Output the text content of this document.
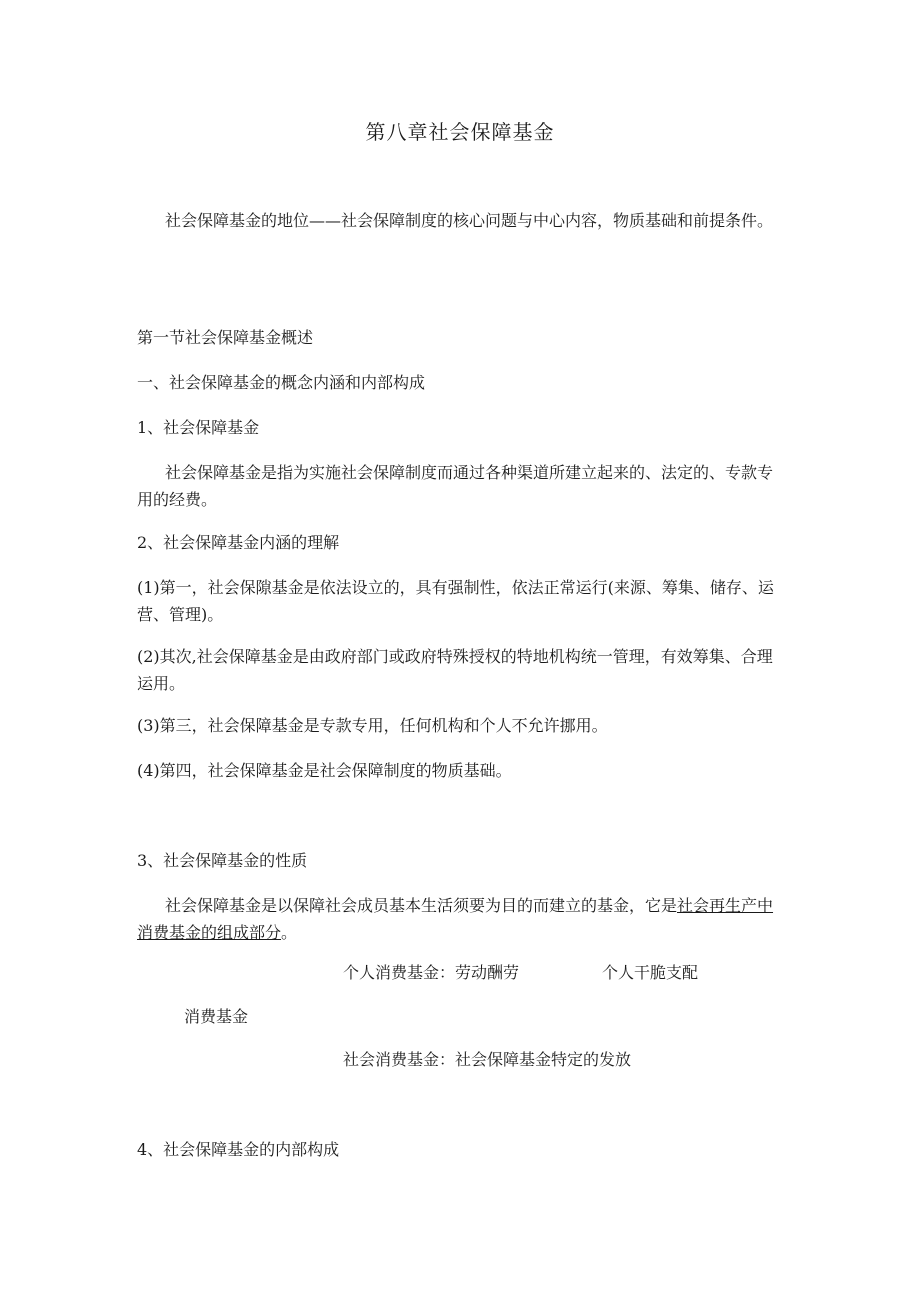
第八章社会保障基金

社会保障基金的地位——社会保障制度的核心问题与中心内容，物质基础和前提条件。

第一节社会保障基金概述

一、社会保障基金的概念内涵和内部构成

1、社会保障基金

社会保障基金是指为实施社会保障制度而通过各种渠道所建立起来的、法定的、专款专用的经费。

2、社会保障基金内涵的理解

(1)第一，社会保隙基金是依法设立的，具有强制性，依法正常运行(来源、筹集、储存、运营、管理)。

(2)其次,社会保障基金是由政府部门或政府特殊授权的特地机构统一管理，有效筹集、合理运用。

(3)第三，社会保障基金是专款专用，任何机构和个人不允许挪用。

(4)第四，社会保障基金是社会保障制度的物质基础。

3、社会保障基金的性质

社会保障基金是以保障社会成员基本生活须要为目的而建立的基金，它是社会再生产中消费基金的组成部分。

个人消费基金：劳动酬劳	个人干脆支配
消费基金
社会消费基金：社会保障基金特定的发放

4、社会保障基金的内部构成
